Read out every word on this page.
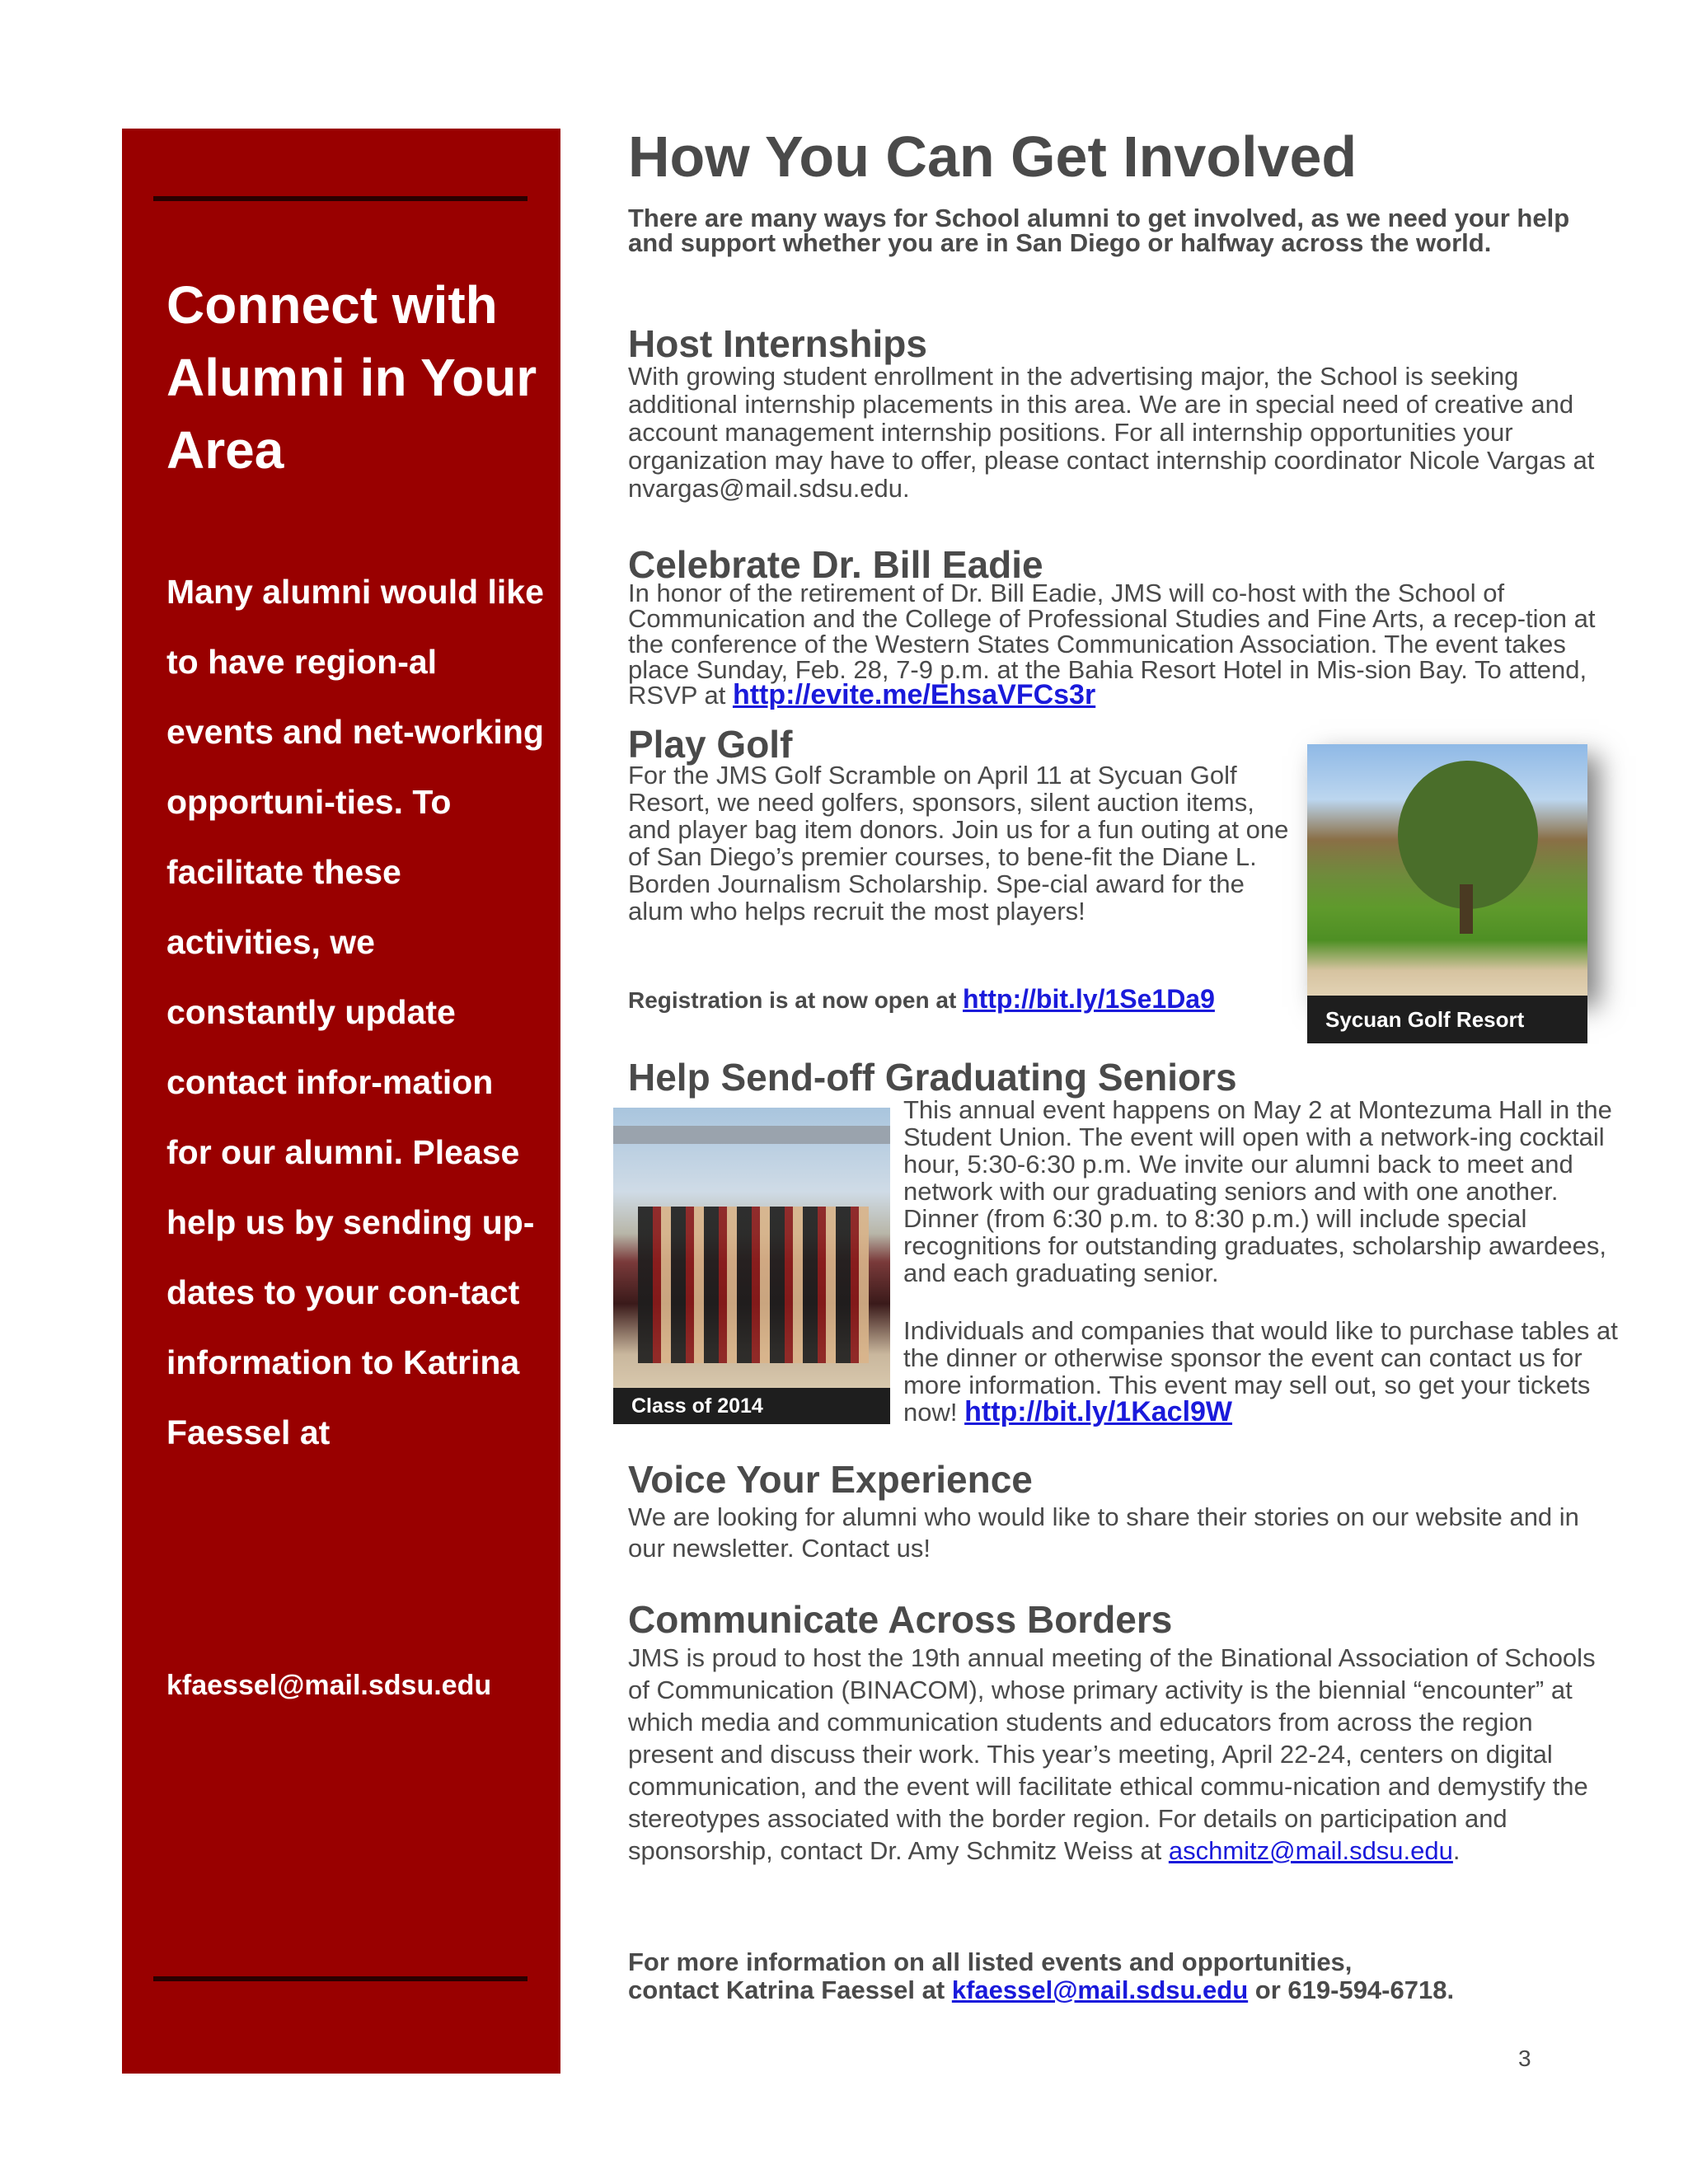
Connect with Alumni in Your Area

Many alumni would like to have region-al events and net-working opportuni-ties. To facilitate these activities, we constantly update contact infor-mation for our alumni. Please help us by sending up-dates to your con-tact information to Katrina Faessel at

kfaessel@mail.sdsu.edu

How You Can Get Involved

There are many ways for School alumni to get involved, as we need your help and support whether you are in San Diego or halfway across the world.

Host Internships

With growing student enrollment in the advertising major, the School is seeking additional internship placements in this area. We are in special need of creative and account management internship positions. For all internship opportunities your organization may have to offer, please contact internship coordinator Nicole Vargas at nvargas@mail.sdsu.edu.

Celebrate Dr. Bill Eadie

In honor of the retirement of Dr. Bill Eadie, JMS will co-host with the School of Communication and the College of Professional Studies and Fine Arts, a recep-tion at the conference of the Western States Communication Association. The event takes place Sunday, Feb. 28, 7-9 p.m. at the Bahia Resort Hotel in Mis-sion Bay. To attend, RSVP at http://evite.me/EhsaVFCs3r

Play Golf

For the JMS Golf Scramble on April 11 at Sycuan Golf Resort, we need golfers, sponsors, silent auction items, and player bag item donors. Join us for a fun outing at one of San Diego’s premier courses, to bene-fit the Diane L. Borden Journalism Scholarship. Spe-cial award for the alum who helps recruit the most players!

Registration is at now open at http://bit.ly/1Se1Da9

Help Send-off Graduating Seniors

This annual event happens on May 2 at Montezuma Hall in the Student Union. The event will open with a network-ing cocktail hour, 5:30-6:30 p.m. We invite our alumni back to meet and network with our graduating seniors and with one another. Dinner (from 6:30 p.m. to 8:30 p.m.) will include special recognitions for outstanding graduates, scholarship awardees, and each graduating senior.

Individuals and companies that would like to purchase tables at the dinner or otherwise sponsor the event can contact us for more information. This event may sell out, so get your tickets now! http://bit.ly/1Kacl9W

Voice Your Experience

We are looking for alumni who would like to share their stories on our website and in our newsletter. Contact us!

Communicate Across Borders

JMS is proud to host the 19th annual meeting of the Binational Association of Schools of Communication (BINACOM), whose primary activity is the biennial “encounter” at which media and communication students and educators from across the region present and discuss their work. This year’s meeting, April 22-24, centers on digital communication, and the event will facilitate ethical commu-nication and demystify the stereotypes associated with the border region. For details on participation and sponsorship, contact Dr. Amy Schmitz Weiss at aschmitz@mail.sdsu.edu.

For more information on all listed events and opportunities,

contact Katrina Faessel at kfaessel@mail.sdsu.edu or 619-594-6718.

Sycuan Golf Resort
Class of 2014
3
